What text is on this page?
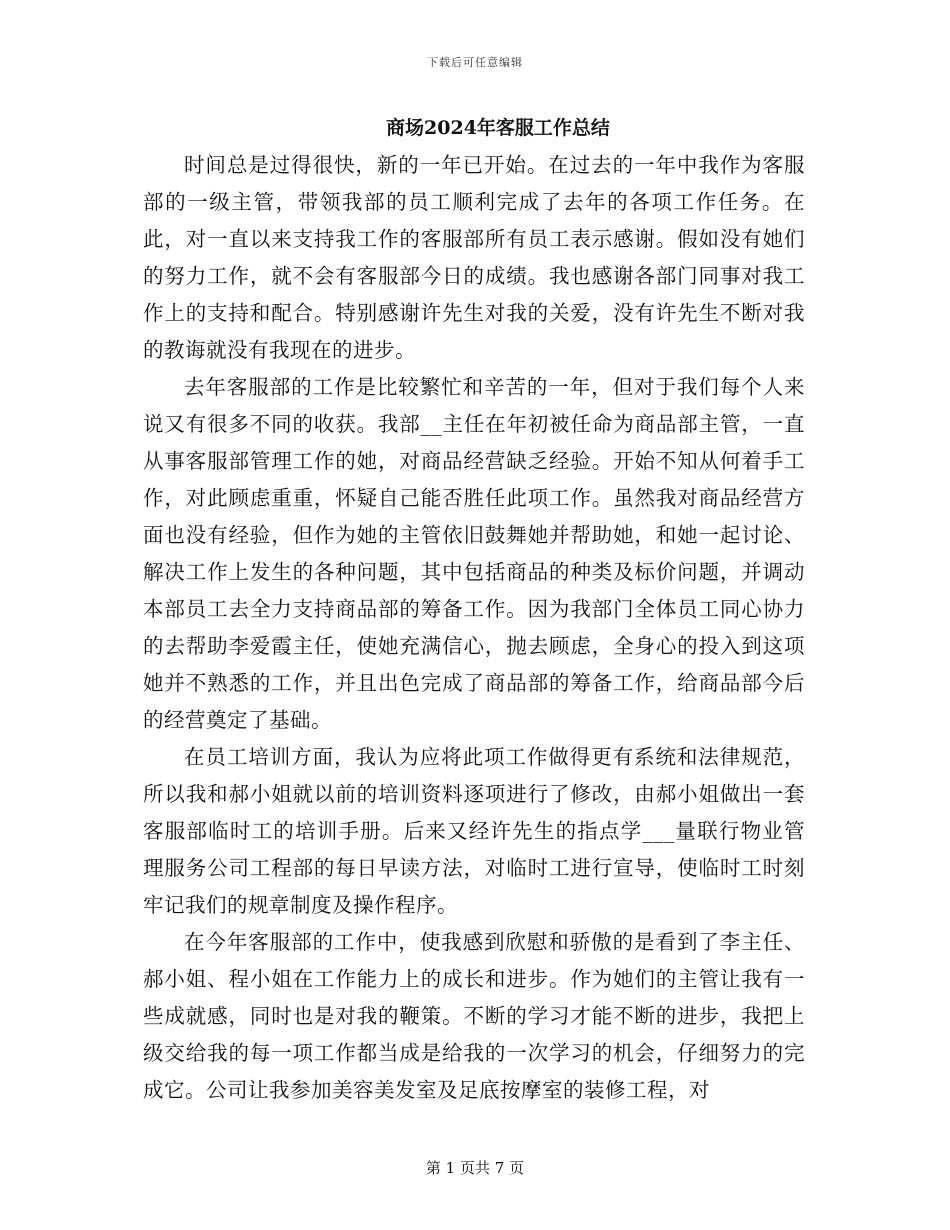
下载后可任意编辑
商场2024年客服工作总结

时间总是过得很快，新的一年已开始。在过去的一年中我作为客服部的一级主管，带领我部的员工顺利完成了去年的各项工作任务。在此，对一直以来支持我工作的客服部所有员工表示感谢。假如没有她们的努力工作，就不会有客服部今日的成绩。我也感谢各部门同事对我工作上的支持和配合。特别感谢许先生对我的关爱，没有许先生不断对我的教诲就没有我现在的进步。

去年客服部的工作是比较繁忙和辛苦的一年，但对于我们每个人来说又有很多不同的收获。我部__主任在年初被任命为商品部主管，一直从事客服部管理工作的她，对商品经营缺乏经验。开始不知从何着手工作，对此顾虑重重，怀疑自己能否胜任此项工作。虽然我对商品经营方面也没有经验，但作为她的主管依旧鼓舞她并帮助她，和她一起讨论、解决工作上发生的各种问题，其中包括商品的种类及标价问题，并调动本部员工去全力支持商品部的筹备工作。因为我部门全体员工同心协力的去帮助李爱霞主任，使她充满信心，抛去顾虑，全身心的投入到这项她并不熟悉的工作，并且出色完成了商品部的筹备工作，给商品部今后的经营奠定了基础。

在员工培训方面，我认为应将此项工作做得更有系统和法律规范，所以我和郝小姐就以前的培训资料逐项进行了修改，由郝小姐做出一套客服部临时工的培训手册。后来又经许先生的指点学___量联行物业管理服务公司工程部的每日早读方法，对临时工进行宣导，使临时工时刻牢记我们的规章制度及操作程序。

在今年客服部的工作中，使我感到欣慰和骄傲的是看到了李主任、郝小姐、程小姐在工作能力上的成长和进步。作为她们的主管让我有一些成就感，同时也是对我的鞭策。不断的学习才能不断的进步，我把上级交给我的每一项工作都当成是给我的一次学习的机会，仔细努力的完成它。公司让我参加美容美发室及足底按摩室的装修工程，对

第 1 页共 7 页
